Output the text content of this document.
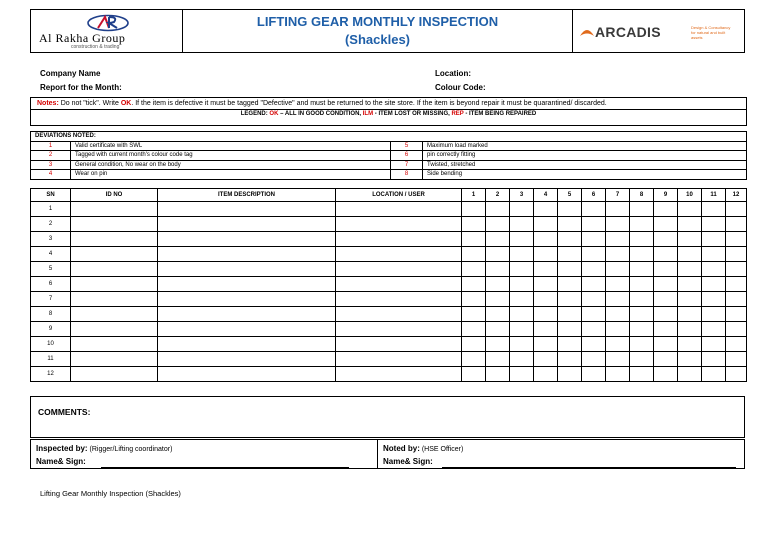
Al Rakha Group
construction & trading
LIFTING GEAR MONTHLY INSPECTION
(Shackles)	ARCADIS	Design & Consultancy for natural and built assets
Company Name
Report for the Month:
Location:
Colour Code:
Notes: Do not "tick". Write OK. If the item is defective it must be tagged "Defective" and must be returned to the site store. If the item is beyond repair it must be quarantined/ discarded.
LEGEND: OK – ALL IN GOOD CONDITION, ILM - ITEM LOST OR MISSING, REP - ITEM BEING REPAIRED
DEVIATIONS NOTED:			
1	Valid certificate with SWL	5	Maximum load marked
2	Tagged with current month's colour code tag	6	pin correctly fitting
3	General condition, No wear on the body	7	Twisted, stretched
4	Wear on pin	8	Side bending
SN	ID NO	ITEM DESCRIPTION	LOCATION / USER	1	2	3	4	5	6	7	8	9	10	11	12
1															
2															
3															
4															
5															
6															
7															
8															
9															
10															
11															
12															
COMMENTS:
Inspected by: (Rigger/Lifting coordinator)
Name& Sign:
Noted by: (HSE Officer)
Name& Sign:
Lifting Gear Monthly Inspection (Shackles)
